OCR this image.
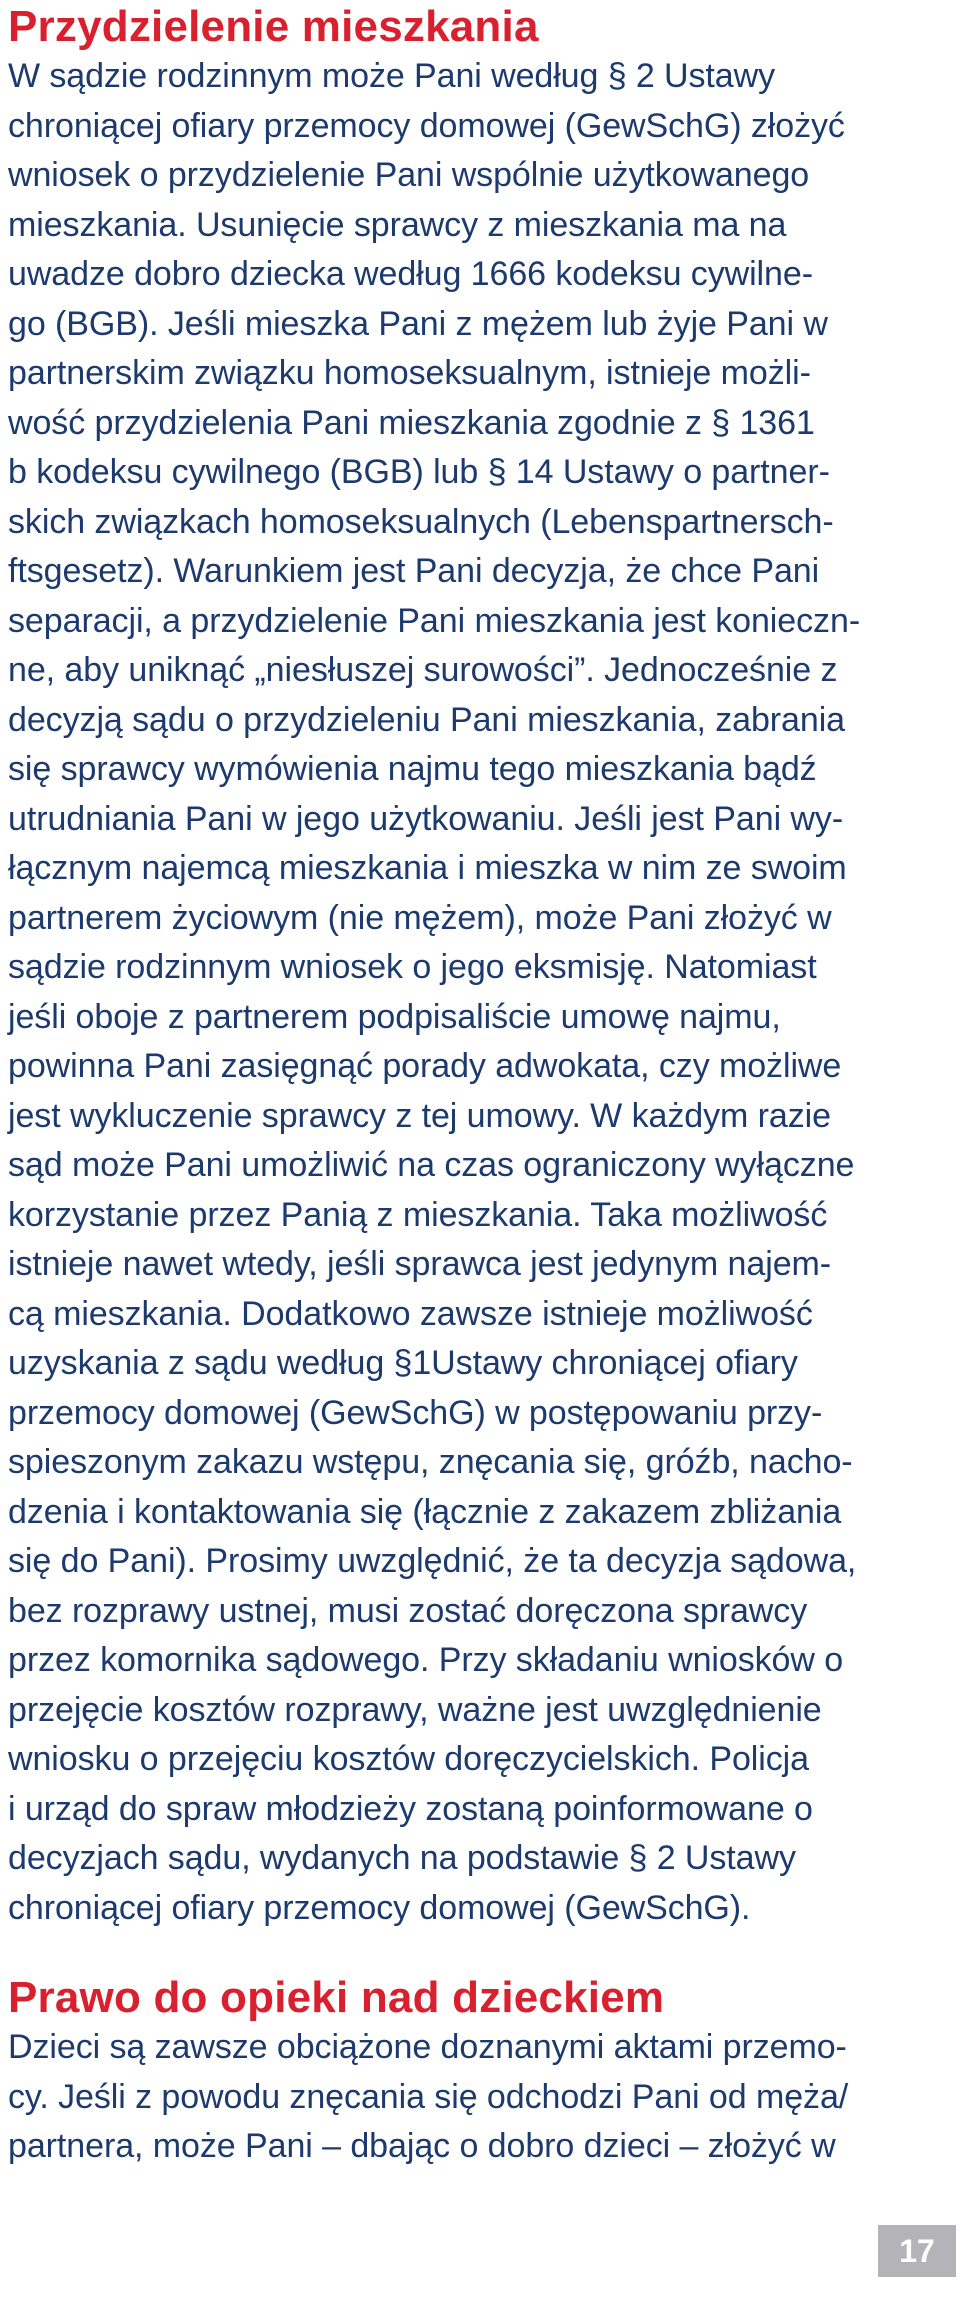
Przydzielenie mieszkania
W sądzie rodzinnym może Pani według § 2 Ustawy
chroniącej ofiary przemocy domowej (GewSchG) złożyć
wniosek o przydzielenie Pani wspólnie użytkowanego
mieszkania. Usunięcie sprawcy z mieszkania ma na
uwadze dobro dziecka według 1666 kodeksu cywilne-
go (BGB). Jeśli mieszka Pani z mężem lub żyje Pani w
partnerskim związku homoseksualnym, istnieje możli-
wość przydzielenia Pani mieszkania zgodnie z § 1361
b kodeksu cywilnego (BGB) lub § 14 Ustawy o partner-
skich związkach homoseksualnych (Lebenspartnersch-
ftsgesetz). Warunkiem jest Pani decyzja, że chce Pani
separacji, a przydzielenie Pani mieszkania jest konieczn-
ne, aby uniknąć „niesłuszej surowości”. Jednocześnie z
decyzją sądu o przydzieleniu Pani mieszkania, zabrania
się sprawcy wymówienia najmu tego mieszkania bądź
utrudniania Pani w jego użytkowaniu. Jeśli jest Pani wy-
łącznym najemcą mieszkania i mieszka w nim ze swoim
partnerem życiowym (nie mężem), może Pani złożyć w
sądzie rodzinnym wniosek o jego eksmisję. Natomiast
jeśli oboje z partnerem podpisaliście umowę najmu,
powinna Pani zasięgnąć porady adwokata, czy możliwe
jest wykluczenie sprawcy z tej umowy. W każdym razie
sąd może Pani umożliwić na czas ograniczony wyłączne
korzystanie przez Panią z mieszkania. Taka możliwość
istnieje nawet wtedy, jeśli sprawca jest jedynym najem-
cą mieszkania. Dodatkowo zawsze istnieje możliwość
uzyskania z sądu według §1Ustawy chroniącej ofiary
przemocy domowej (GewSchG) w postępowaniu przy-
spieszonym zakazu wstępu, znęcania się, gróźb, nacho-
dzenia i kontaktowania się (łącznie z zakazem zbliżania
się do Pani). Prosimy uwzględnić, że ta decyzja sądowa,
bez rozprawy ustnej, musi zostać doręczona sprawcy
przez komornika sądowego. Przy składaniu wniosków o
przejęcie kosztów rozprawy, ważne jest uwzględnienie
wniosku o przejęciu kosztów doręczycielskich. Policja
i urząd do spraw młodzieży zostaną poinformowane o
decyzjach sądu, wydanych na podstawie § 2 Ustawy
chroniącej ofiary przemocy domowej (GewSchG).
Prawo do opieki nad dzieckiem
Dzieci są zawsze obciążone doznanymi aktami przemo-
cy. Jeśli z powodu znęcania się odchodzi Pani od męża/
partnera, może Pani – dbając o dobro dzieci – złożyć w
17
